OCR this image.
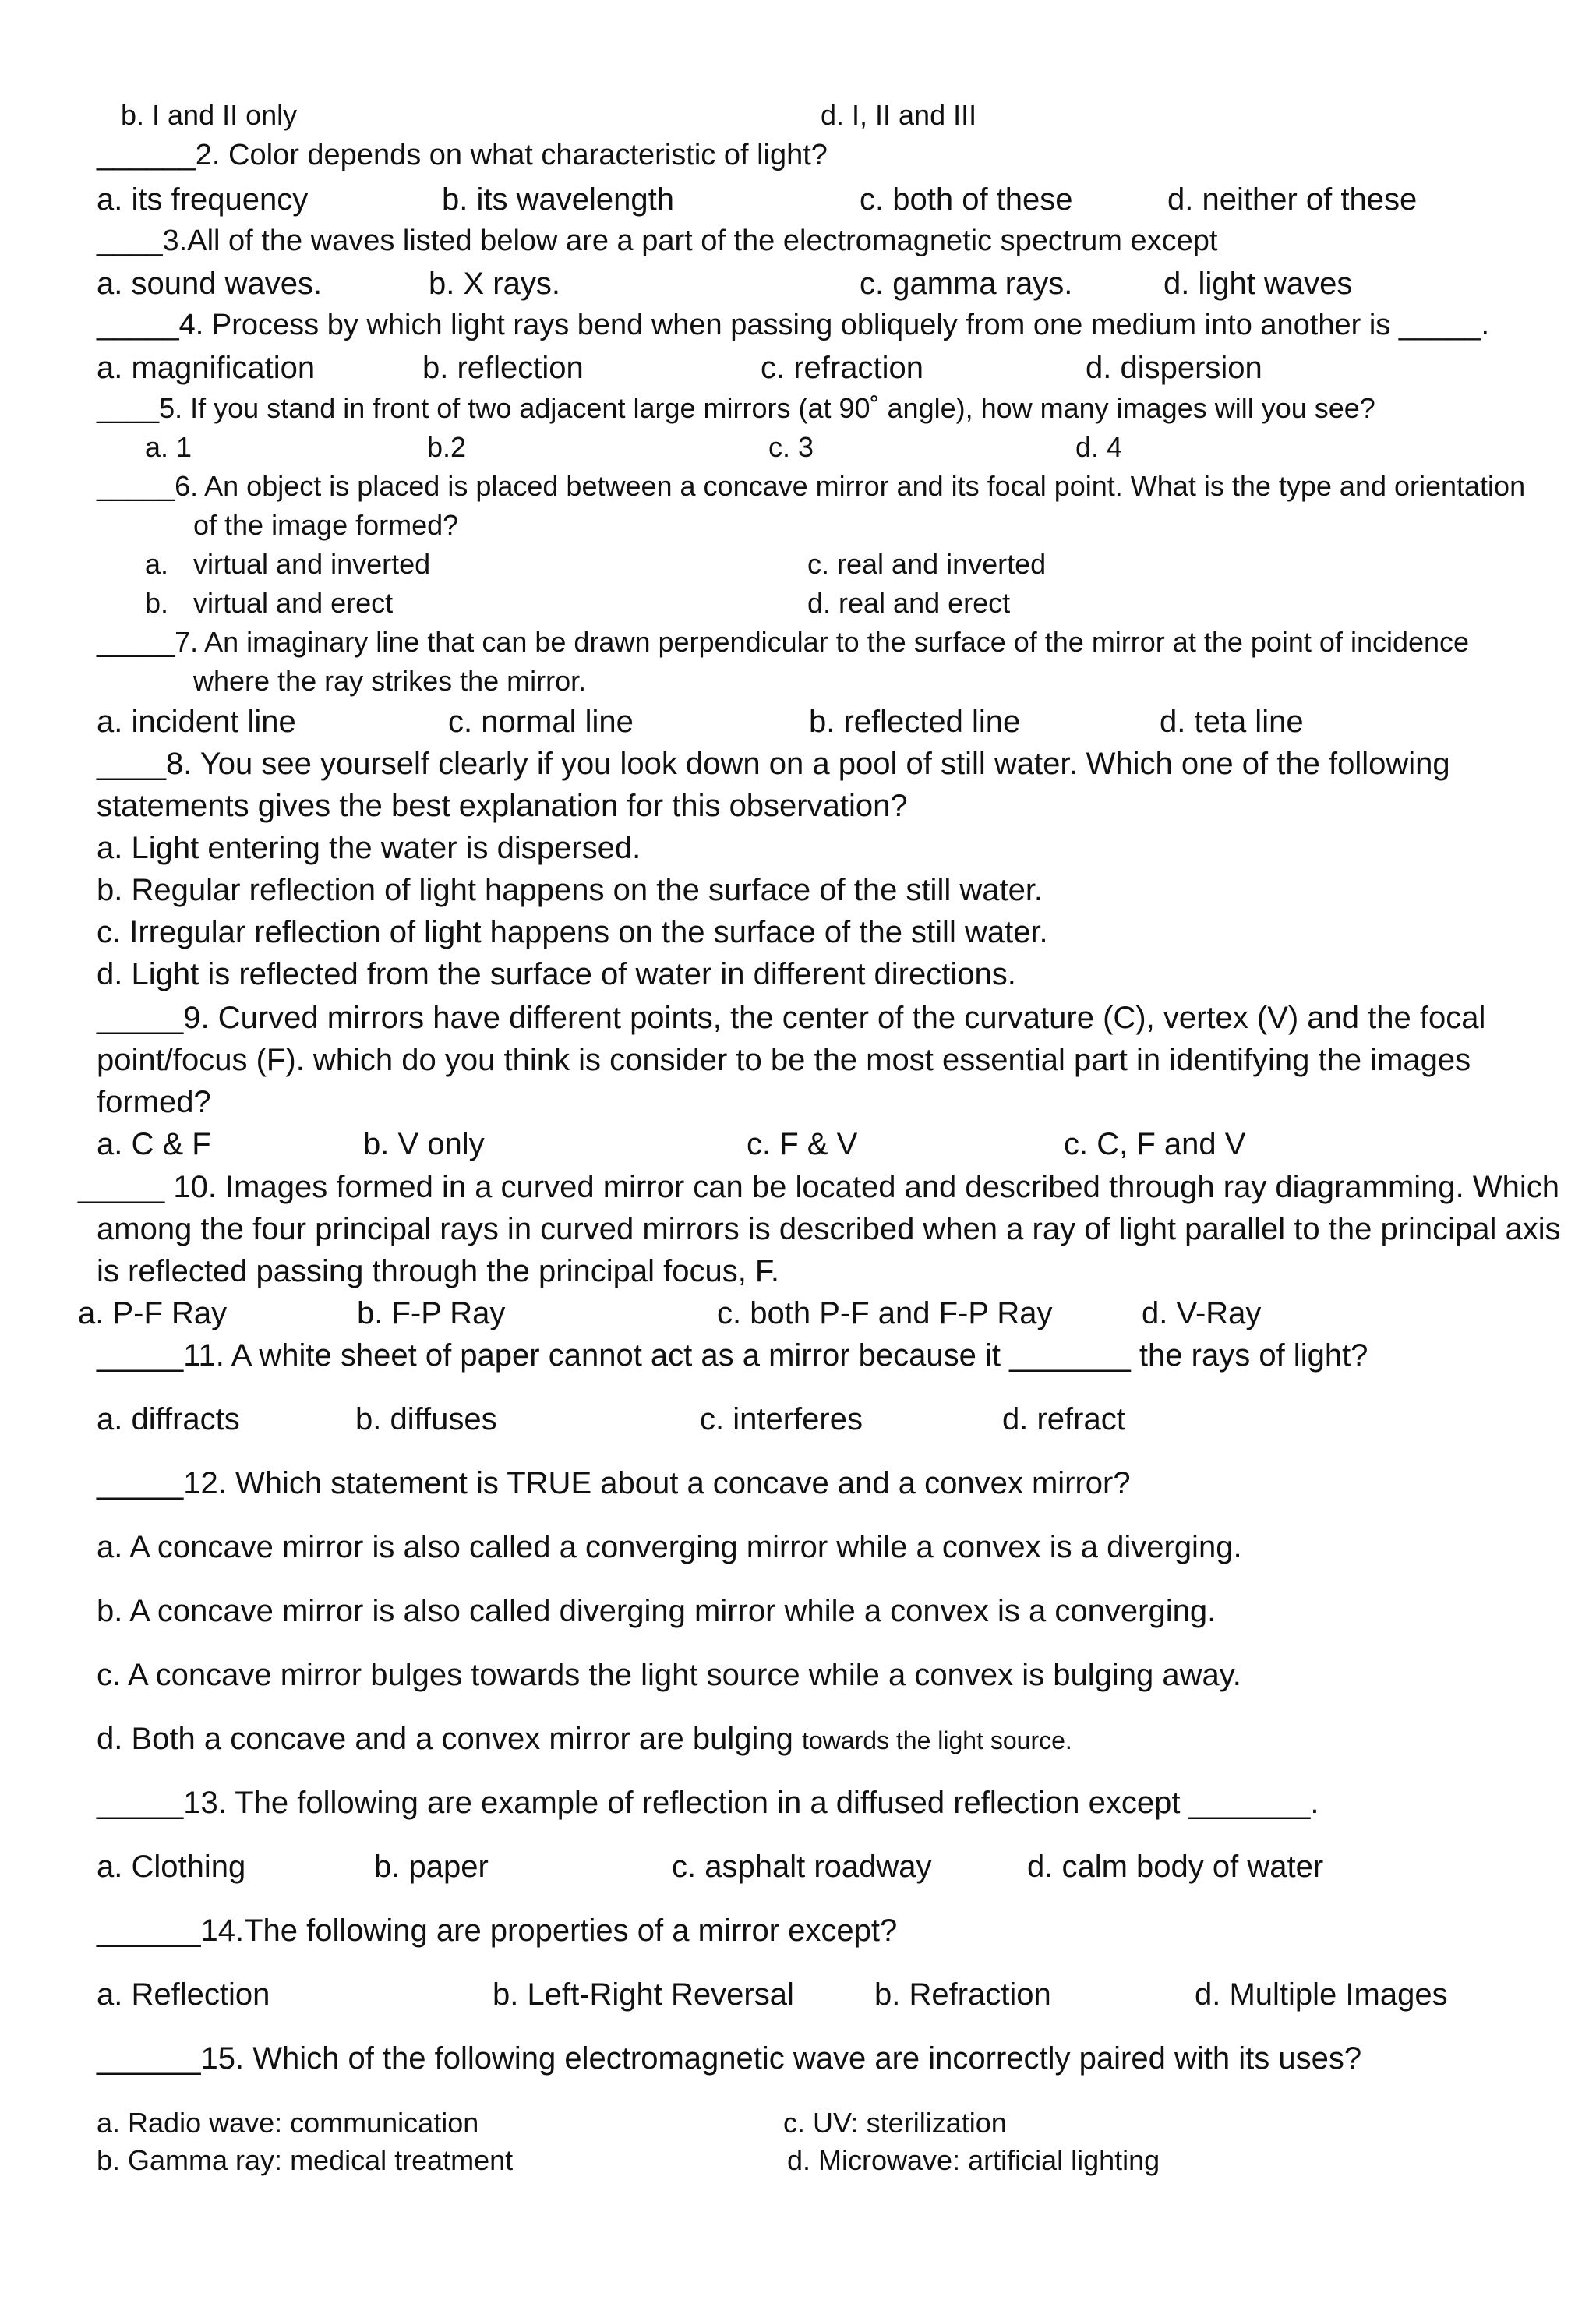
b. I and II only	d. I, II and III
______2. Color depends on what characteristic of light?
a. its frequency	b. its wavelength	c. both of these	d. neither of these
____3.All of the waves listed below are a part of the electromagnetic spectrum except
a. sound waves.	b. X rays.	c. gamma rays.	d. light waves
_____4. Process by which light rays bend when passing obliquely from one medium into another is _____.
a. magnification	b. reflection	c. refraction	d. dispersion
____5. If you stand in front of two adjacent large mirrors (at 90˚ angle), how many images will you see?
a. 1	b.2	c. 3	d. 4
_____6. An object is placed is placed between a concave mirror and its focal point. What is the type and orientation
of the image formed?
a. virtual and inverted	c. real and inverted
b. virtual and erect	d. real and erect
_____7. An imaginary line that can be drawn perpendicular to the surface of the mirror at the point of incidence
where the ray strikes the mirror.
a. incident line	c. normal line	b. reflected line	d. teta line
____8. You see yourself clearly if you look down on a pool of still water. Which one of the following
statements gives the best explanation for this observation?
a. Light entering the water is dispersed.
b. Regular reflection of light happens on the surface of the still water.
c. Irregular reflection of light happens on the surface of the still water.
d. Light is reflected from the surface of water in different directions.
_____9. Curved mirrors have different points, the center of the curvature (C), vertex (V) and the focal
point/focus (F). which do you think is consider to be the most essential part in identifying the images
formed?
a. C & F	b. V only	c. F & V	c. C, F and V
_____ 10. Images formed in a curved mirror can be located and described through ray diagramming. Which
among the four principal rays in curved mirrors is described when a ray of light parallel to the principal axis
is reflected passing through the principal focus, F.
a. P-F Ray	b. F-P Ray	c. both P-F and F-P Ray	d. V-Ray
_____11. A white sheet of paper cannot act as a mirror because it _______ the rays of light?
a. diffracts	b. diffuses	c. interferes	d. refract
_____12. Which statement is TRUE about a concave and a convex mirror?
a. A concave mirror is also called a converging mirror while a convex is a diverging.
b. A concave mirror is also called diverging mirror while a convex is a converging.
c. A concave mirror bulges towards the light source while a convex is bulging away.
d. Both a concave and a convex mirror are bulging towards the light source.
_____13. The following are example of reflection in a diffused reflection except _______.
a. Clothing	b. paper	c. asphalt roadway	d. calm body of water
______14.The following are properties of a mirror except?
a. Reflection	b. Left-Right Reversal	b. Refraction	d. Multiple Images
______15. Which of the following electromagnetic wave are incorrectly paired with its uses?
a. Radio wave: communication	c. UV: sterilization
b. Gamma ray: medical treatment	d. Microwave: artificial lighting
